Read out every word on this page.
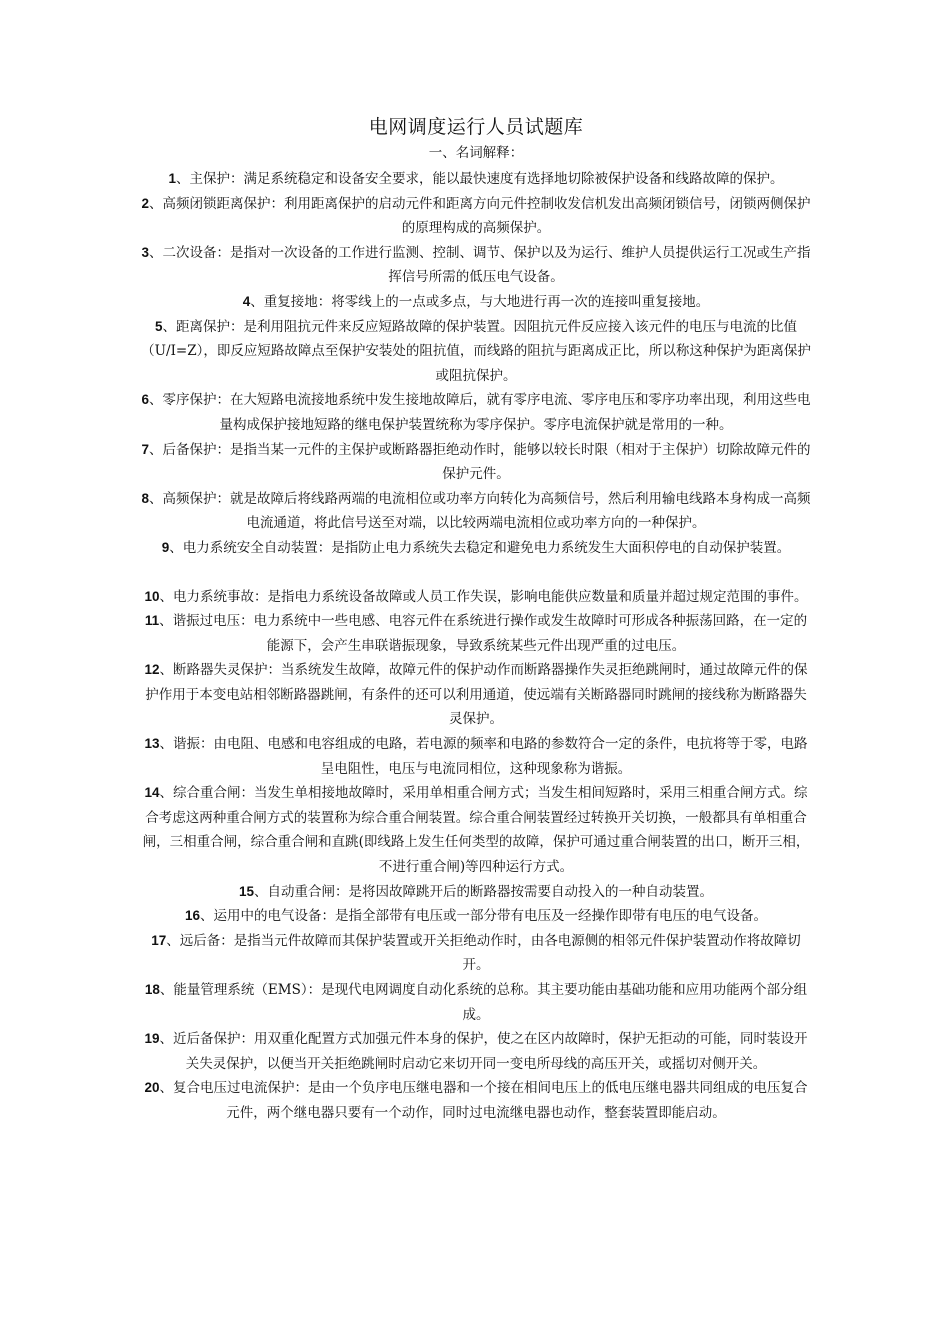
电网调度运行人员试题库

一、名词解释：

1、主保护：满足系统稳定和设备安全要求，能以最快速度有选择地切除被保护设备和线路故障的保护。

2、高频闭锁距离保护：利用距离保护的启动元件和距离方向元件控制收发信机发出高频闭锁信号，闭锁两侧保护的原理构成的高频保护。

3、二次设备：是指对一次设备的工作进行监测、控制、调节、保护以及为运行、维护人员提供运行工况或生产指挥信号所需的低压电气设备。

4、重复接地：将零线上的一点或多点，与大地进行再一次的连接叫重复接地。

5、距离保护：是利用阻抗元件来反应短路故障的保护装置。因阻抗元件反应接入该元件的电压与电流的比值（U/I=Z），即反应短路故障点至保护安装处的阻抗值，而线路的阻抗与距离成正比，所以称这种保护为距离保护或阻抗保护。

6、零序保护：在大短路电流接地系统中发生接地故障后，就有零序电流、零序电压和零序功率出现，利用这些电量构成保护接地短路的继电保护装置统称为零序保护。零序电流保护就是常用的一种。

7、后备保护：是指当某一元件的主保护或断路器拒绝动作时，能够以较长时限（相对于主保护）切除故障元件的保护元件。

8、高频保护：就是故障后将线路两端的电流相位或功率方向转化为高频信号，然后利用输电线路本身构成一高频电流通道，将此信号送至对端，以比较两端电流相位或功率方向的一种保护。

9、电力系统安全自动装置：是指防止电力系统失去稳定和避免电力系统发生大面积停电的自动保护装置。

10、电力系统事故：是指电力系统设备故障或人员工作失误，影响电能供应数量和质量并超过规定范围的事件。

11、谐振过电压：电力系统中一些电感、电容元件在系统进行操作或发生故障时可形成各种振荡回路，在一定的能源下，会产生串联谐振现象，导致系统某些元件出现严重的过电压。

12、断路器失灵保护：当系统发生故障，故障元件的保护动作而断路器操作失灵拒绝跳闸时，通过故障元件的保护作用于本变电站相邻断路器跳闸，有条件的还可以利用通道，使远端有关断路器同时跳闸的接线称为断路器失灵保护。

13、谐振：由电阻、电感和电容组成的电路，若电源的频率和电路的参数符合一定的条件，电抗将等于零，电路呈电阻性，电压与电流同相位，这种现象称为谐振。

14、综合重合闸：当发生单相接地故障时，采用单相重合闸方式；当发生相间短路时，采用三相重合闸方式。综合考虑这两种重合闸方式的装置称为综合重合闸装置。综合重合闸装置经过转换开关切换，一般都具有单相重合闸，三相重合闸，综合重合闸和直跳(即线路上发生任何类型的故障，保护可通过重合闸装置的出口，断开三相，不进行重合闸)等四种运行方式。

15、自动重合闸：是将因故障跳开后的断路器按需要自动投入的一种自动装置。

16、运用中的电气设备：是指全部带有电压或一部分带有电压及一经操作即带有电压的电气设备。

17、远后备：是指当元件故障而其保护装置或开关拒绝动作时，由各电源侧的相邻元件保护装置动作将故障切开。

18、能量管理系统（EMS）：是现代电网调度自动化系统的总称。其主要功能由基础功能和应用功能两个部分组成。

19、近后备保护：用双重化配置方式加强元件本身的保护，使之在区内故障时，保护无拒动的可能，同时装设开关失灵保护，以便当开关拒绝跳闸时启动它来切开同一变电所母线的高压开关，或摇切对侧开关。

20、复合电压过电流保护：是由一个负序电压继电器和一个接在相间电压上的低电压继电器共同组成的电压复合元件，两个继电器只要有一个动作，同时过电流继电器也动作，整套装置即能启动。
